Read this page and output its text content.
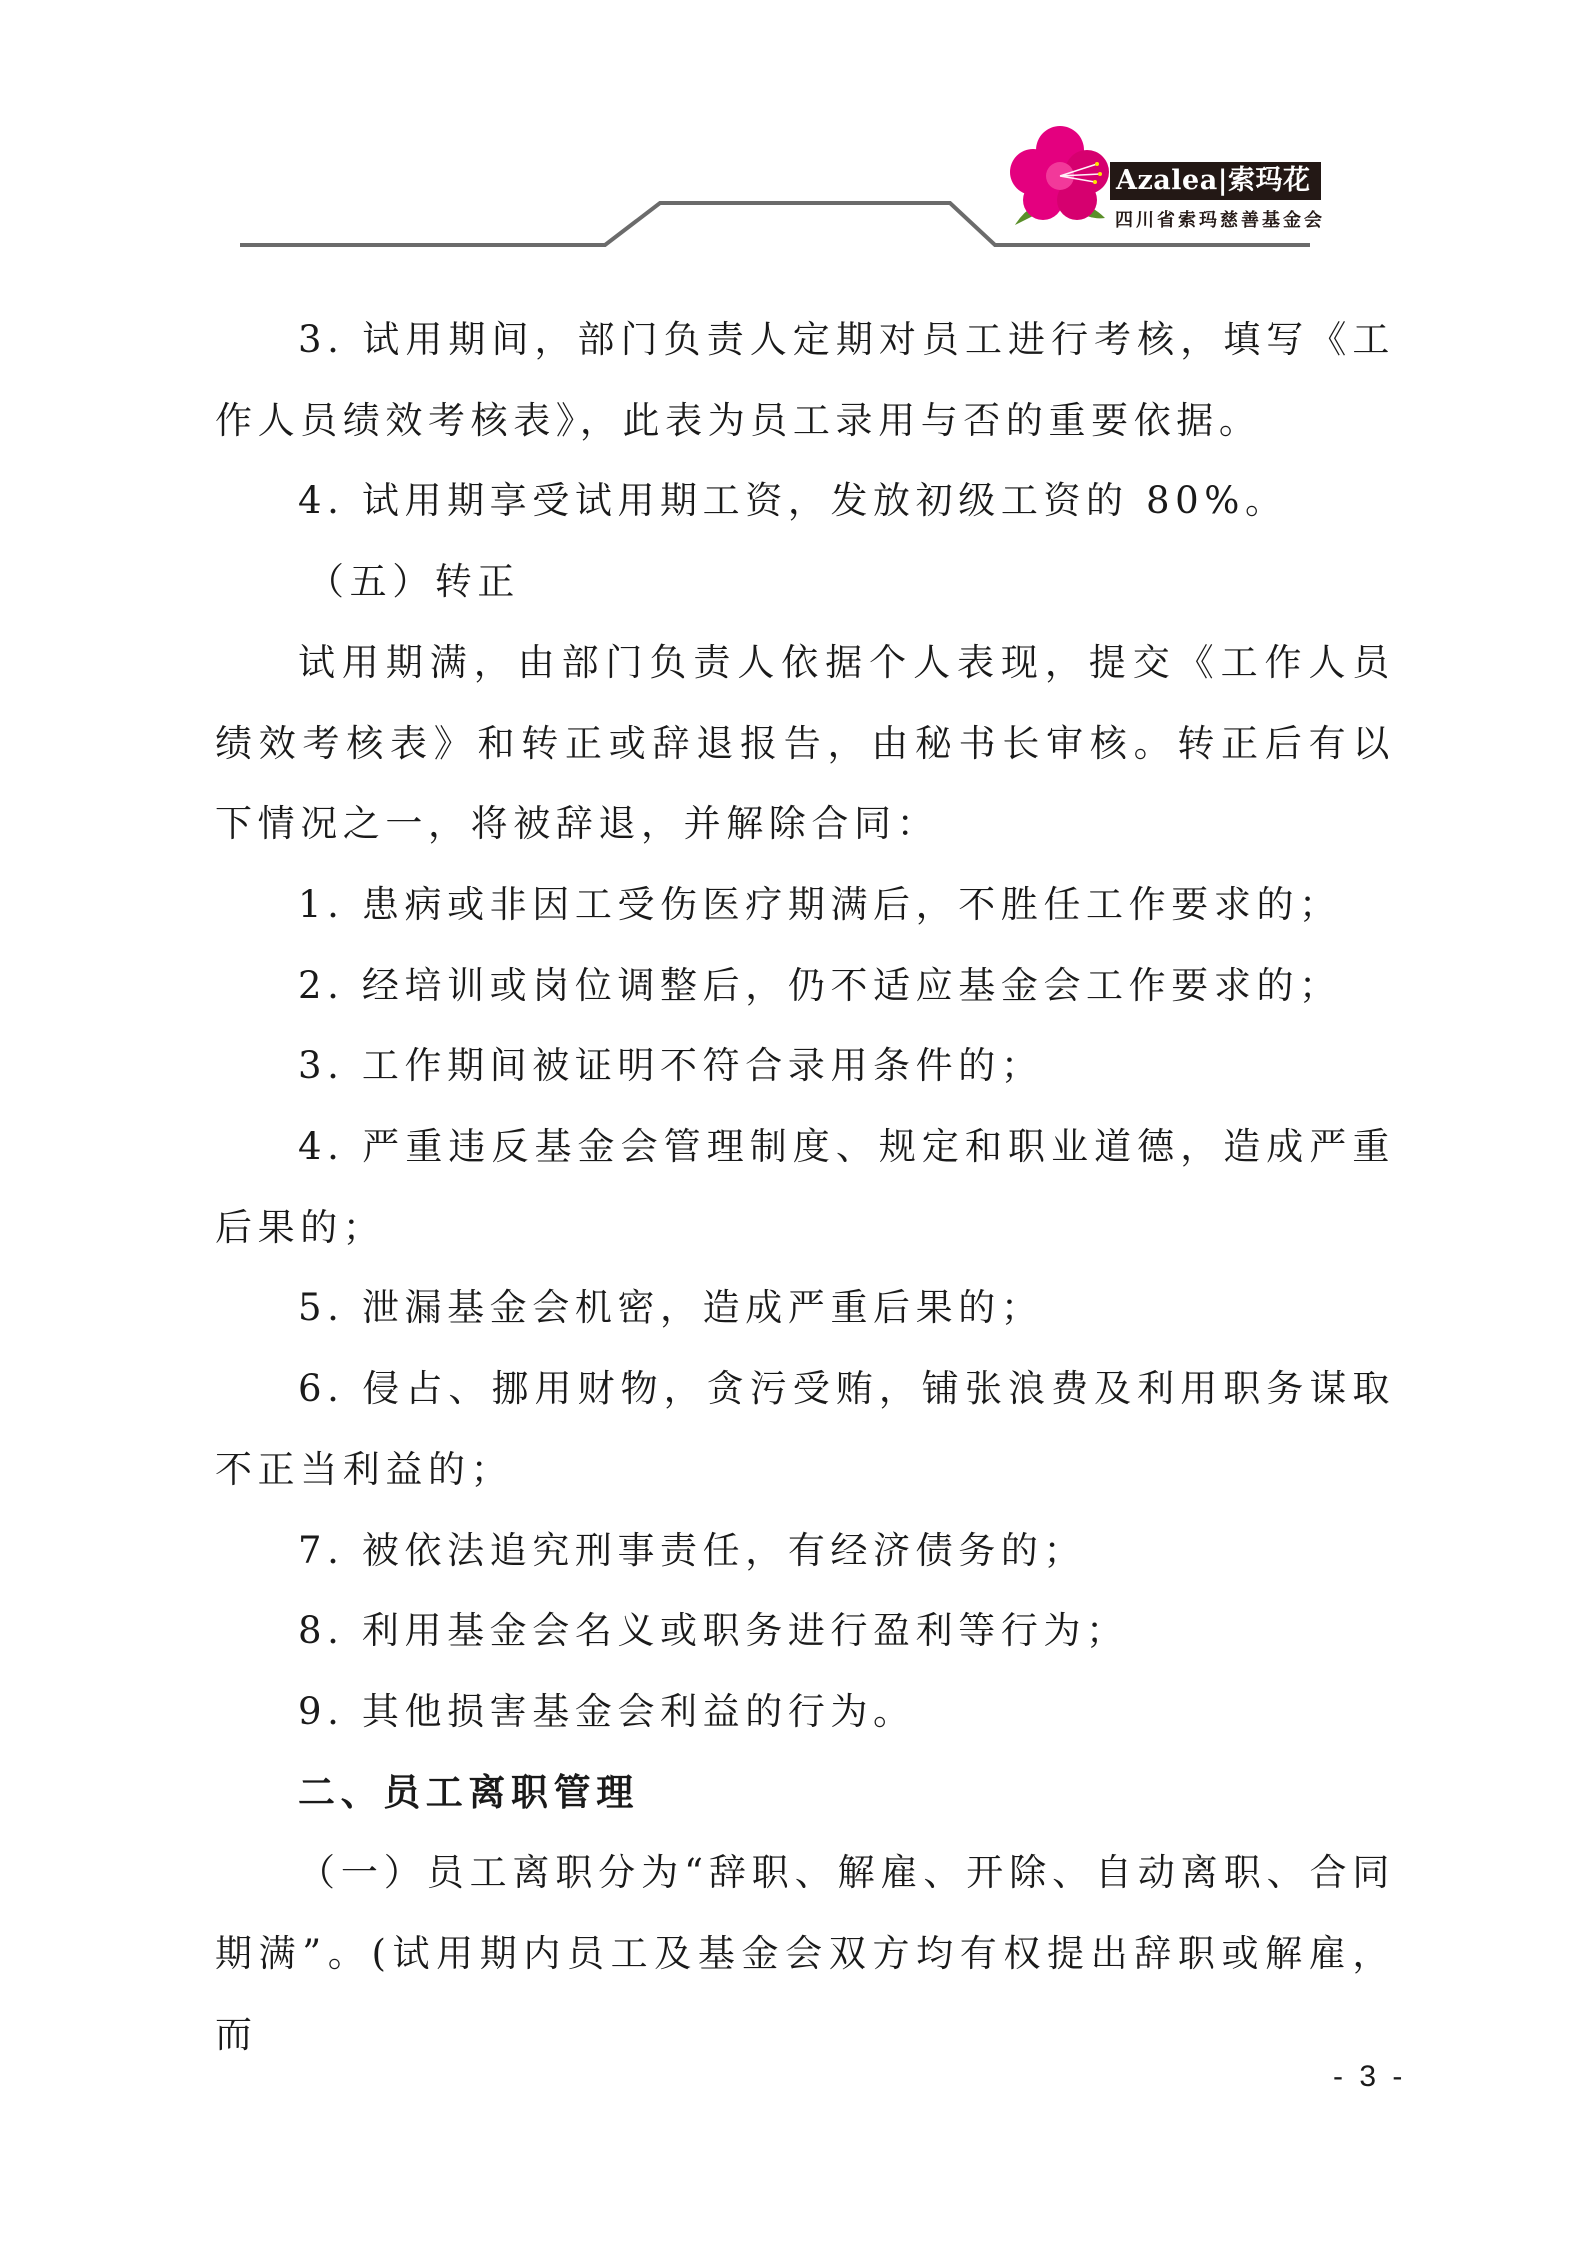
Azalea|索玛花
四川省索玛慈善基金会

3. 试用期间，部门负责人定期对员工进行考核，填写《工作人员绩效考核表》，此表为员工录用与否的重要依据。

4. 试用期享受试用期工资，发放初级工资的 80%。

（五）转正

试用期满，由部门负责人依据个人表现，提交《工作人员绩效考核表》和转正或辞退报告，由秘书长审核。转正后有以下情况之一，将被辞退，并解除合同：

1. 患病或非因工受伤医疗期满后，不胜任工作要求的；

2. 经培训或岗位调整后，仍不适应基金会工作要求的；

3. 工作期间被证明不符合录用条件的；

4. 严重违反基金会管理制度、规定和职业道德，造成严重后果的；

5. 泄漏基金会机密，造成严重后果的；

6. 侵占、挪用财物，贪污受贿，铺张浪费及利用职务谋取不正当利益的；

7. 被依法追究刑事责任，有经济债务的；

8. 利用基金会名义或职务进行盈利等行为；

9. 其他损害基金会利益的行为。

二、员工离职管理

（一）员工离职分为“辞职、解雇、开除、自动离职、合同期满”。(试用期内员工及基金会双方均有权提出辞职或解雇，而

- 3 -
